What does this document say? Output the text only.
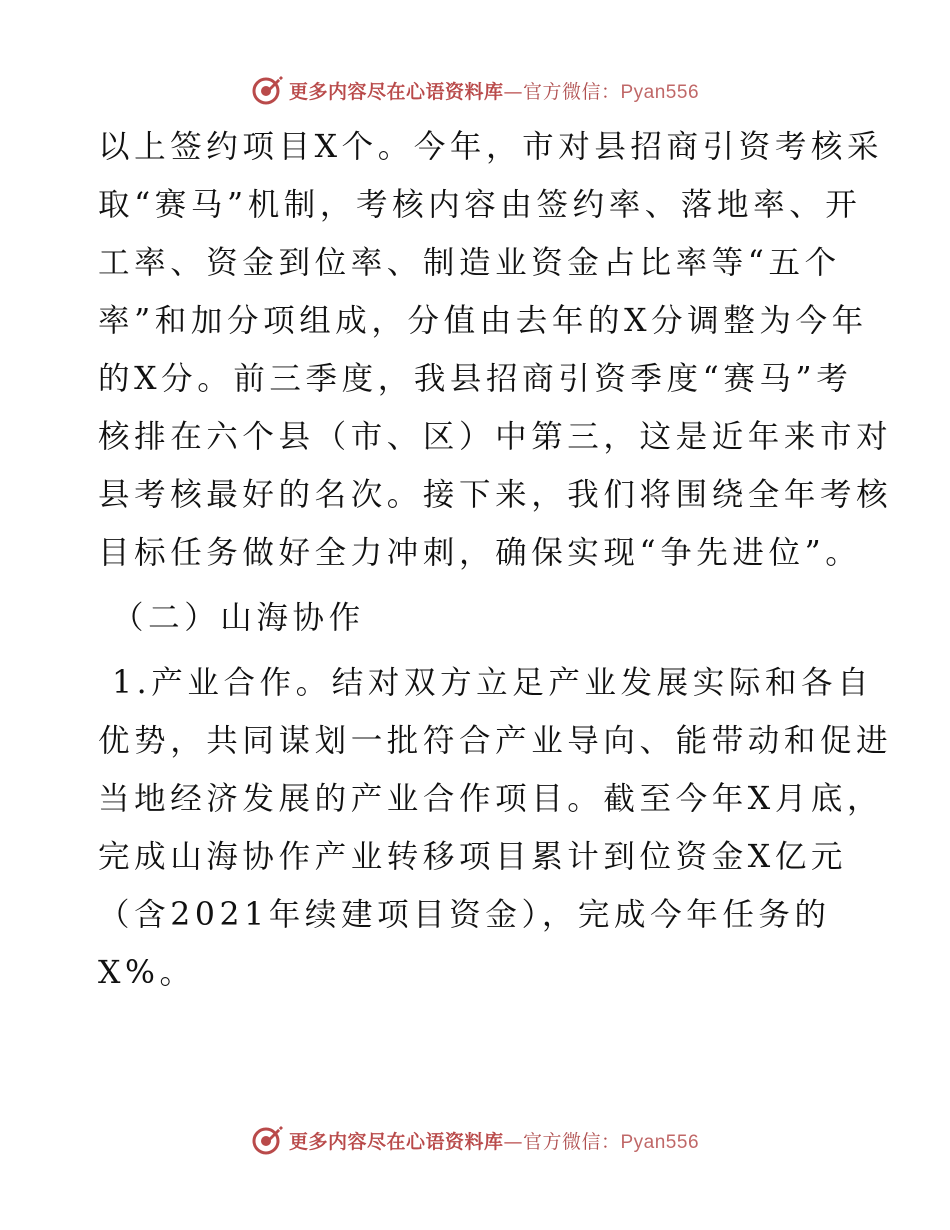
更多内容尽在心语资料库—官方微信：Pyan556
以上签约项目X个。今年，市对县招商引资考核采
取“赛马”机制，考核内容由签约率、落地率、开
工率、资金到位率、制造业资金占比率等“五个
率”和加分项组成，分值由去年的X分调整为今年
的X分。前三季度，我县招商引资季度“赛马”考
核排在六个县（市、区）中第三，这是近年来市对
县考核最好的名次。接下来，我们将围绕全年考核
目标任务做好全力冲刺，确保实现“争先进位”。
（二）山海协作
1.产业合作。结对双方立足产业发展实际和各自
优势，共同谋划一批符合产业导向、能带动和促进
当地经济发展的产业合作项目。截至今年X月底，
完成山海协作产业转移项目累计到位资金X亿元
（含2021年续建项目资金），完成今年任务的
X%。
更多内容尽在心语资料库—官方微信：Pyan556
